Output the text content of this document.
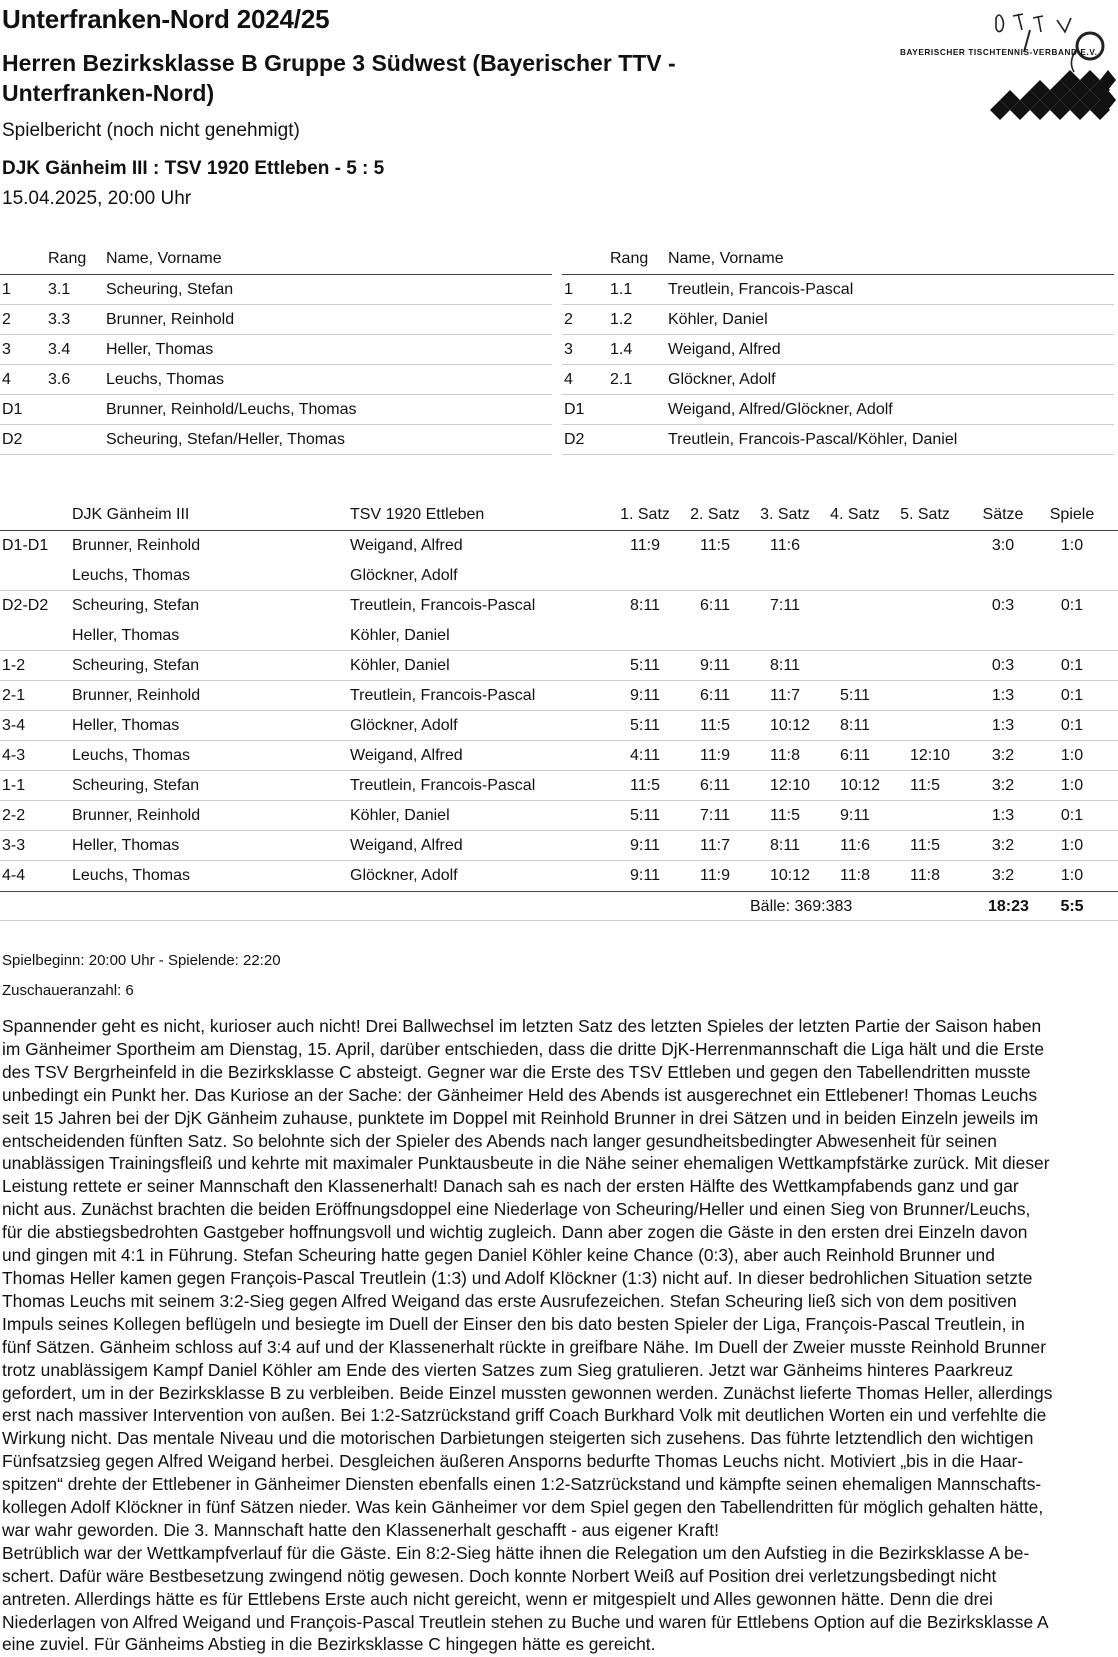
Unterfranken-Nord 2024/25
Herren Bezirksklasse B Gruppe 3 Südwest (Bayerischer TTV - Unterfranken-Nord)
Spielbericht (noch nicht genehmigt)
DJK Gänheim III : TSV 1920 Ettleben - 5 : 5
15.04.2025, 20:00 Uhr
BAYERISCHER TISCHTENNIS-VERBAND E.V.
Rang Name, Vorname
1 3.1 Scheuring, Stefan
2 3.3 Brunner, Reinhold
3 3.4 Heller, Thomas
4 3.6 Leuchs, Thomas
D1	Brunner, Reinhold/Leuchs, Thomas
D2	Scheuring, Stefan/Heller, Thomas
Rang Name, Vorname
1 1.1 Treutlein, Francois-Pascal
2 1.2 Köhler, Daniel
3 1.4 Weigand, Alfred
4 2.1 Glöckner, Adolf
D1	Weigand, Alfred/Glöckner, Adolf
D2	Treutlein, Francois-Pascal/Köhler, Daniel
DJK Gänheim III	TSV 1920 Ettleben	1. Satz	2. Satz	3. Satz	4. Satz	5. Satz	Sätze	Spiele
D1-D1 Brunner, Reinhold	Weigand, Alfred	11:9	11:5	11:6	3:0	1:0
Leuchs, Thomas	Glöckner, Adolf
D2-D2 Scheuring, Stefan	Treutlein, Francois-Pascal	8:11	6:11	7:11	0:3	0:1
Heller, Thomas	Köhler, Daniel
1-2	Scheuring, Stefan	Köhler, Daniel	5:11	9:11	8:11	0:3	0:1
2-1	Brunner, Reinhold	Treutlein, Francois-Pascal	9:11	6:11	11:7	5:11	1:3	0:1
3-4	Heller, Thomas	Glöckner, Adolf	5:11	11:5	10:12 8:11	1:3	0:1
4-3	Leuchs, Thomas	Weigand, Alfred	4:11	11:9	11:8	6:11	12:10	3:2	1:0
1-1	Scheuring, Stefan	Treutlein, Francois-Pascal	11:5	6:11	12:10 10:12 11:5	3:2	1:0
2-2	Brunner, Reinhold	Köhler, Daniel	5:11	7:11	11:5	9:11	1:3	0:1
3-3	Heller, Thomas	Weigand, Alfred	9:11	11:7	8:11	11:6	11:5	3:2	1:0
4-4	Leuchs, Thomas	Glöckner, Adolf	9:11	11:9	10:12 11:8	11:8	3:2	1:0
Bälle: 369:383	18:23 5:5
Spielbeginn: 20:00 Uhr - Spielende: 22:20
Zuschaueranzahl: 6

Spannender geht es nicht, kurioser auch nicht! Drei Ballwechsel im letzten Satz des letzten Spieles der letzten Partie der Saison haben

im Gänheimer Sportheim am Dienstag, 15. April, darüber entschieden, dass die dritte DjK-Herrenmannschaft die Liga hält und die Erste

des TSV Bergrheinfeld in die Bezirksklasse C absteigt. Gegner war die Erste des TSV Ettleben und gegen den Tabellendritten musste

unbedingt ein Punkt her. Das Kuriose an der Sache: der Gänheimer Held des Abends ist ausgerechnet ein Ettlebener! Thomas Leuchs

seit 15 Jahren bei der DjK Gänheim zuhause, punktete im Doppel mit Reinhold Brunner in drei Sätzen und in beiden Einzeln jeweils im

entscheidenden fünften Satz. So belohnte sich der Spieler des Abends nach langer gesundheitsbedingter Abwesenheit für seinen

unablässigen Trainingsfleiß und kehrte mit maximaler Punktausbeute in die Nähe seiner ehemaligen Wettkampfstärke zurück. Mit dieser

Leistung rettete er seiner Mannschaft den Klassenerhalt! Danach sah es nach der ersten Hälfte des Wettkampfabends ganz und gar

nicht aus. Zunächst brachten die beiden Eröffnungsdoppel eine Niederlage von Scheuring/Heller und einen Sieg von Brunner/Leuchs,

für die abstiegsbedrohten Gastgeber hoffnungsvoll und wichtig zugleich. Dann aber zogen die Gäste in den ersten drei Einzeln davon

und gingen mit 4:1 in Führung. Stefan Scheuring hatte gegen Daniel Köhler keine Chance (0:3), aber auch Reinhold Brunner und

Thomas Heller kamen gegen François-Pascal Treutlein (1:3) und Adolf Klöckner (1:3) nicht auf. In dieser bedrohlichen Situation setzte

Thomas Leuchs mit seinem 3:2-Sieg gegen Alfred Weigand das erste Ausrufezeichen. Stefan Scheuring ließ sich von dem positiven

Impuls seines Kollegen beflügeln und besiegte im Duell der Einser den bis dato besten Spieler der Liga, François-Pascal Treutlein, in

fünf Sätzen. Gänheim schloss auf 3:4 auf und der Klassenerhalt rückte in greifbare Nähe. Im Duell der Zweier musste Reinhold Brunner

trotz unablässigem Kampf Daniel Köhler am Ende des vierten Satzes zum Sieg gratulieren. Jetzt war Gänheims hinteres Paarkreuz

gefordert, um in der Bezirksklasse B zu verbleiben. Beide Einzel mussten gewonnen werden. Zunächst lieferte Thomas Heller, allerdings

erst nach massiver Intervention von außen. Bei 1:2-Satzrückstand griff Coach Burkhard Volk mit deutlichen Worten ein und verfehlte die

Wirkung nicht. Das mentale Niveau und die motorischen Darbietungen steigerten sich zusehens. Das führte letztendlich den wichtigen

Fünfsatzsieg gegen Alfred Weigand herbei. Desgleichen äußeren Ansporns bedurfte Thomas Leuchs nicht. Motiviert „bis in die Haar-

spitzen“ drehte der Ettlebener in Gänheimer Diensten ebenfalls einen 1:2-Satzrückstand und kämpfte seinen ehemaligen Mannschafts-

kollegen Adolf Klöckner in fünf Sätzen nieder. Was kein Gänheimer vor dem Spiel gegen den Tabellendritten für möglich gehalten hätte,

war wahr geworden. Die 3. Mannschaft hatte den Klassenerhalt geschafft - aus eigener Kraft!

Betrüblich war der Wettkampfverlauf für die Gäste. Ein 8:2-Sieg hätte ihnen die Relegation um den Aufstieg in die Bezirksklasse A be-

schert. Dafür wäre Bestbesetzung zwingend nötig gewesen. Doch konnte Norbert Weiß auf Position drei verletzungsbedingt nicht

antreten. Allerdings hätte es für Ettlebens Erste auch nicht gereicht, wenn er mitgespielt und Alles gewonnen hätte. Denn die drei

Niederlagen von Alfred Weigand und François-Pascal Treutlein stehen zu Buche und waren für Ettlebens Option auf die Bezirksklasse A

eine zuviel. Für Gänheims Abstieg in die Bezirksklasse C hingegen hätte es gereicht.
